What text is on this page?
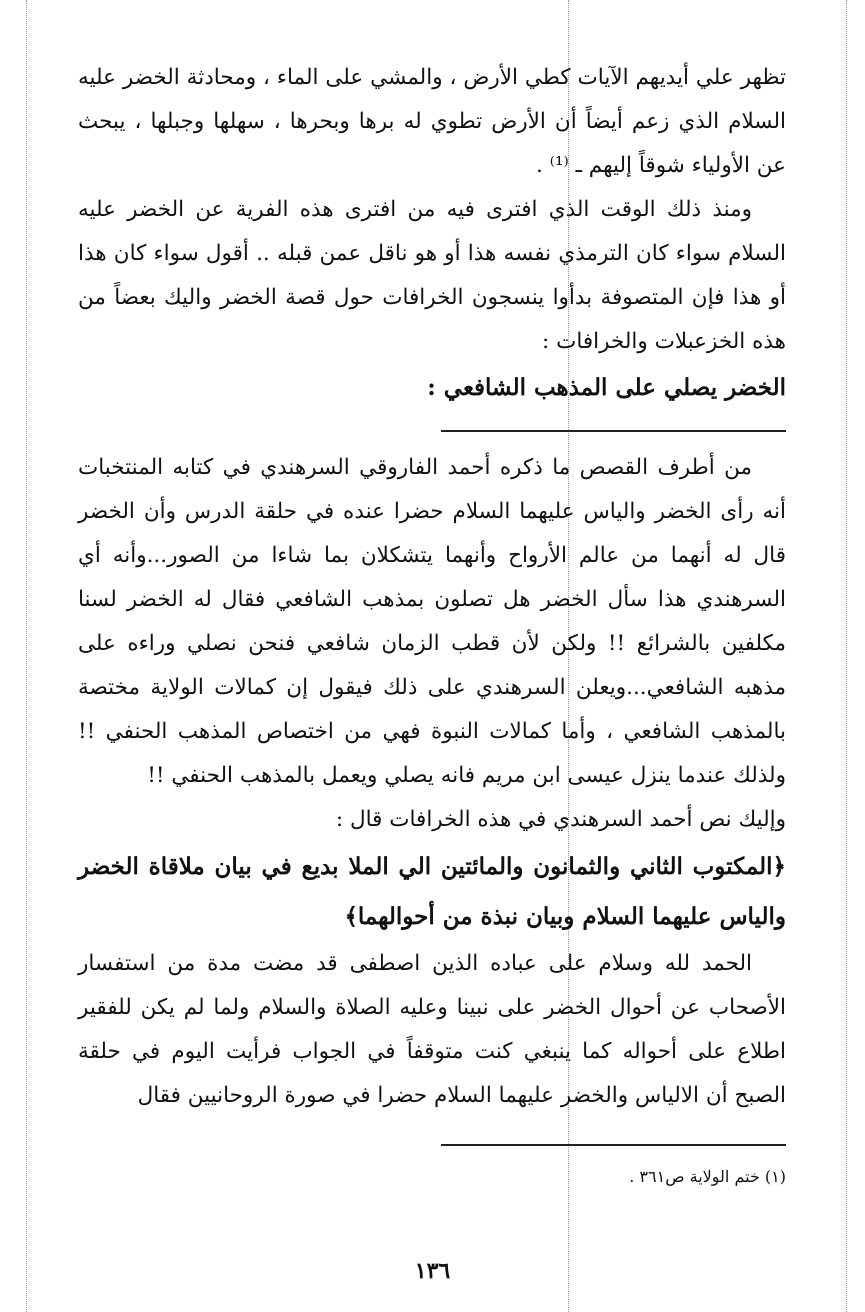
تظهر علي أيديهم الآيات كطي الأرض ، والمشي على الماء ، ومحادثة الخضر عليه السلام الذي زعم أيضاً أن الأرض تطوي له برها وبحرها ، سهلها وجبلها ، يبحث عن الأولياء شوقاً إليهم ـ ⁽¹⁾ .

ومنذ ذلك الوقت الذي افترى فيه من افترى هذه الفرية عن الخضر عليه السلام سواء كان الترمذي نفسه هذا أو هو ناقل عمن قبله .. أقول سواء كان هذا أو هذا فإن المتصوفة بدأوا ينسجون الخرافات حول قصة الخضر واليك بعضاً من هذه الخزعبلات والخرافات :

الخضر يصلي على المذهب الشافعي :

من أطرف القصص ما ذكره أحمد الفاروقي السرهندي في كتابه المنتخبات أنه رأى الخضر والياس عليهما السلام حضرا عنده في حلقة الدرس وأن الخضر قال له أنهما من عالم الأرواح وأنهما يتشكلان بما شاءا من الصور...وأنه أي السرهندي هذا سأل الخضر هل تصلون بمذهب الشافعي فقال له الخضر لسنا مكلفين بالشرائع !! ولكن لأن قطب الزمان شافعي فنحن نصلي وراءه على مذهبه الشافعي...ويعلن السرهندي على ذلك فيقول إن كمالات الولاية مختصة بالمذهب الشافعي ، وأما كمالات النبوة فهي من اختصاص المذهب الحنفي !! ولذلك عندما ينزل عيسى ابن مريم فانه يصلي ويعمل بالمذهب الحنفي !!

وإليك نص أحمد السرهندي في هذه الخرافات قال :

﴿المكتوب الثاني والثمانون والمائتين الي الملا بديع في بيان ملاقاة الخضر والياس عليهما السلام وبيان نبذة من أحوالهما﴾

الحمد لله وسلام على عباده الذين اصطفى قد مضت مدة من استفسار الأصحاب عن أحوال الخضر على نبينا وعليه الصلاة والسلام ولما لم يكن للفقير اطلاع على أحواله كما ينبغي كنت متوقفاً في الجواب فرأيت اليوم في حلقة الصبح أن الالياس والخضر عليهما السلام حضرا في صورة الروحانيين فقال

(١) ختم الولاية ص٣٦١ .

١٣٦
